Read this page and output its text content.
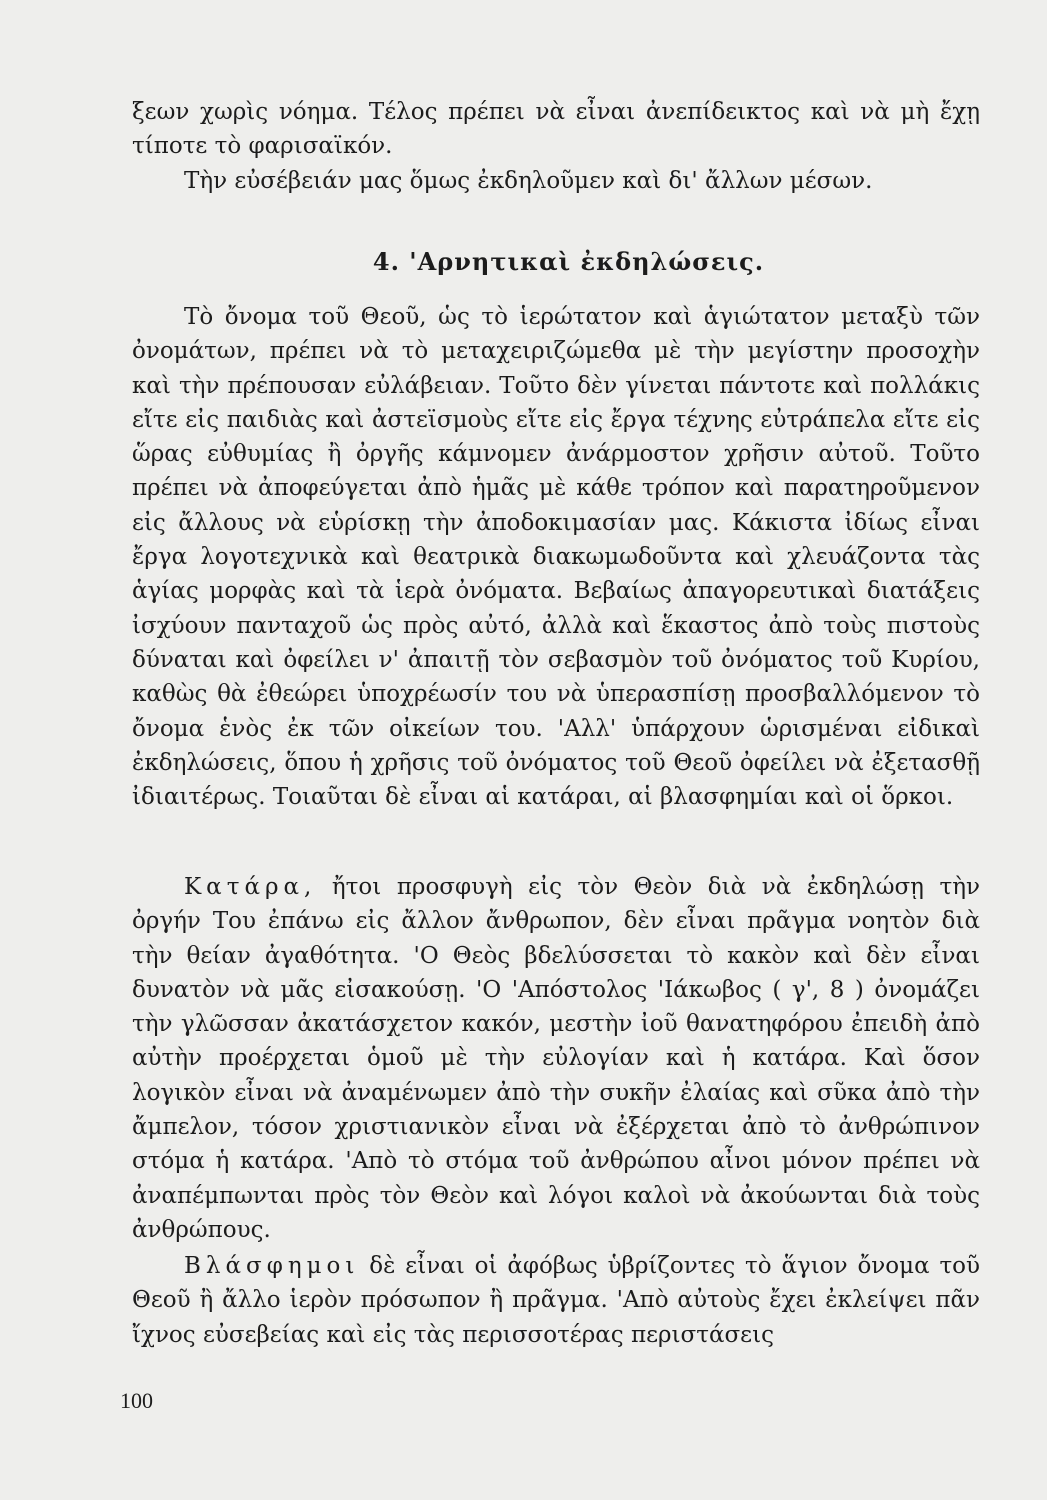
ξεων χωρὶς νόημα. Τέλος πρέπει νὰ εἶναι ἀνεπίδεικτος καὶ νὰ μὴ ἔχῃ τίποτε τὸ φαρισαϊκόν.

Τὴν εὐσέβειάν μας ὅμως ἐκδηλοῦμεν καὶ δι' ἄλλων μέσων.

4. 'Αρνητικαὶ ἐκδηλώσεις.

Τὸ ὄνομα τοῦ Θεοῦ, ὡς τὸ ἱερώτατον καὶ ἁγιώτατον μεταξὺ τῶν ὀνομάτων, πρέπει νὰ τὸ μεταχειριζώμεθα μὲ τὴν μεγίστην προσοχὴν καὶ τὴν πρέπουσαν εὐλάβειαν. Τοῦτο δὲν γίνεται πάντοτε καὶ πολλάκις εἴτε εἰς παιδιὰς καὶ ἀστεϊσμοὺς εἴτε εἰς ἔργα τέχνης εὐτράπελα εἴτε εἰς ὥρας εὐθυμίας ἢ ὀργῆς κάμνομεν ἀνάρμοστον χρῆσιν αὐτοῦ. Τοῦτο πρέπει νὰ ἀποφεύγεται ἀπὸ ἡμᾶς μὲ κάθε τρόπον καὶ παρατηροῦμενον εἰς ἄλλους νὰ εὑρίσκῃ τὴν ἀποδοκιμασίαν μας. Κάκιστα ἰδίως εἶναι ἔργα λογοτεχνικὰ καὶ θεατρικὰ διακωμωδοῦντα καὶ χλευάζοντα τὰς ἁγίας μορφὰς καὶ τὰ ἱερὰ ὀνόματα. Βεβαίως ἀπαγορευτικαὶ διατάξεις ἰσχύουν πανταχοῦ ὡς πρὸς αὐτό, ἀλλὰ καὶ ἕκαστος ἀπὸ τοὺς πιστοὺς δύναται καὶ ὀφείλει ν' ἀπαιτῇ τὸν σεβασμὸν τοῦ ὀνόματος τοῦ Κυρίου, καθὼς θὰ ἐθεώρει ὑποχρέωσίν του νὰ ὑπερασπίσῃ προσβαλλόμενον τὸ ὄνομα ἑνὸς ἐκ τῶν οἰκείων του. 'Αλλ' ὑπάρχουν ὡρισμέναι εἰδικαὶ ἐκδηλώσεις, ὅπου ἡ χρῆσις τοῦ ὀνόματος τοῦ Θεοῦ ὀφείλει νὰ ἐξετασθῇ ἰδιαιτέρως. Τοιαῦται δὲ εἶναι αἱ κατάραι, αἱ βλασφημίαι καὶ οἱ ὅρκοι.

Κατάρα, ἤτοι προσφυγὴ εἰς τὸν Θεὸν διὰ νὰ ἐκδηλώσῃ τὴν ὀργήν Του ἐπάνω εἰς ἄλλον ἄνθρωπον, δὲν εἶναι πρᾶγμα νοητὸν διὰ τὴν θείαν ἀγαθότητα. 'Ο Θεὸς βδελύσσεται τὸ κακὸν καὶ δὲν εἶναι δυνατὸν νὰ μᾶς εἰσακούσῃ. 'Ο 'Απόστολος 'Ιάκωβος ( γ', 8 ) ὀνομάζει τὴν γλῶσσαν ἀκατάσχετον κακόν, μεστὴν ἰοῦ θανατηφόρου ἐπειδὴ ἀπὸ αὐτὴν προέρχεται ὁμοῦ μὲ τὴν εὐλογίαν καὶ ἡ κατάρα. Καὶ ὅσον λογικὸν εἶναι νὰ ἀναμένωμεν ἀπὸ τὴν συκῆν ἐλαίας καὶ σῦκα ἀπὸ τὴν ἄμπελον, τόσον χριστιανικὸν εἶναι νὰ ἐξέρχεται ἀπὸ τὸ ἀνθρώπινον στόμα ἡ κατάρα. 'Απὸ τὸ στόμα τοῦ ἀνθρώπου αἶνοι μόνον πρέπει νὰ ἀναπέμπωνται πρὸς τὸν Θεὸν καὶ λόγοι καλοὶ νὰ ἀκούωνται διὰ τοὺς ἀνθρώπους.

Βλάσφημοι δὲ εἶναι οἱ ἀφόβως ὑβρίζοντες τὸ ἅγιον ὄνομα τοῦ Θεοῦ ἢ ἄλλο ἱερὸν πρόσωπον ἢ πρᾶγμα. 'Απὸ αὐτοὺς ἔχει ἐκλείψει πᾶν ἴχνος εὐσεβείας καὶ εἰς τὰς περισσοτέρας περιστάσεις

100
